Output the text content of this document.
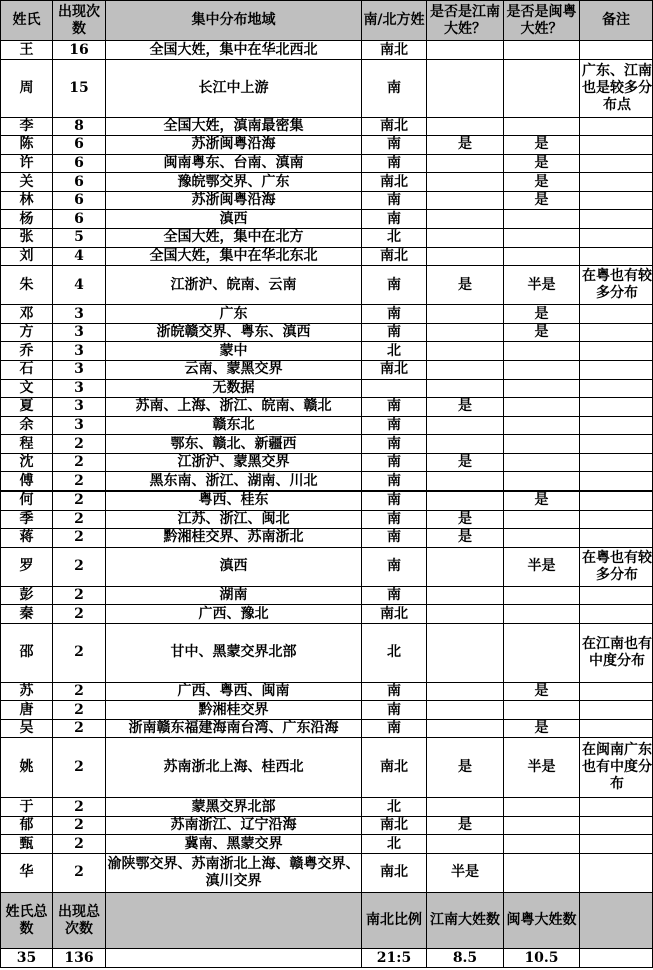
姓氏	出现次数	集中分布地域	南/北方姓	是否是江南大姓？	是否是闽粤大姓？	备注
王	16	全国大姓，集中在华北西北	南北			
周	15	长江中上游	南			广东、江南也是较多分布点
李	8	全国大姓，滇南最密集	南北			
陈	6	苏浙闽粤沿海	南	是	是	
许	6	闽南粤东、台南、滇南	南		是	
关	6	豫皖鄂交界、广东	南北		是	
林	6	苏浙闽粤沿海	南		是	
杨	6	滇西	南			
张	5	全国大姓，集中在北方	北			
刘	4	全国大姓，集中在华北东北	南北			
朱	4	江浙沪、皖南、云南	南	是	半是	在粤也有较多分布
邓	3	广东	南		是	
方	3	浙皖赣交界、粤东、滇西	南		是	
乔	3	蒙中	北			
石	3	云南、蒙黑交界	南北			
文	3	无数据				
夏	3	苏南、上海、浙江、皖南、赣北	南	是		
余	3	赣东北	南			
程	2	鄂东、赣北、新疆西	南			
沈	2	江浙沪、蒙黑交界	南	是		
傅	2	黑东南、浙江、湖南、川北	南			
何	2	粤西、桂东	南		是	
季	2	江苏、浙江、闽北	南	是		
蒋	2	黔湘桂交界、苏南浙北	南	是		
罗	2	滇西	南		半是	在粤也有较多分布
彭	2	湖南	南			
秦	2	广西、豫北	南北			
邵	2	甘中、黑蒙交界北部	北			在江南也有中度分布
苏	2	广西、粤西、闽南	南		是	
唐	2	黔湘桂交界	南			
吴	2	浙南赣东福建海南台湾、广东沿海	南		是	
姚	2	苏南浙北上海、桂西北	南北	是	半是	在闽南广东也有中度分布
于	2	蒙黑交界北部	北			
郁	2	苏南浙江、辽宁沿海	南北	是		
甄	2	冀南、黑蒙交界	北			
华	2	渝陕鄂交界、苏南浙北上海、赣粤交界、滇川交界	南北	半是		
姓氏总数	出现总次数		南北比例	江南大姓数	闽粤大姓数	
35	136		21:5	8.5	10.5	
